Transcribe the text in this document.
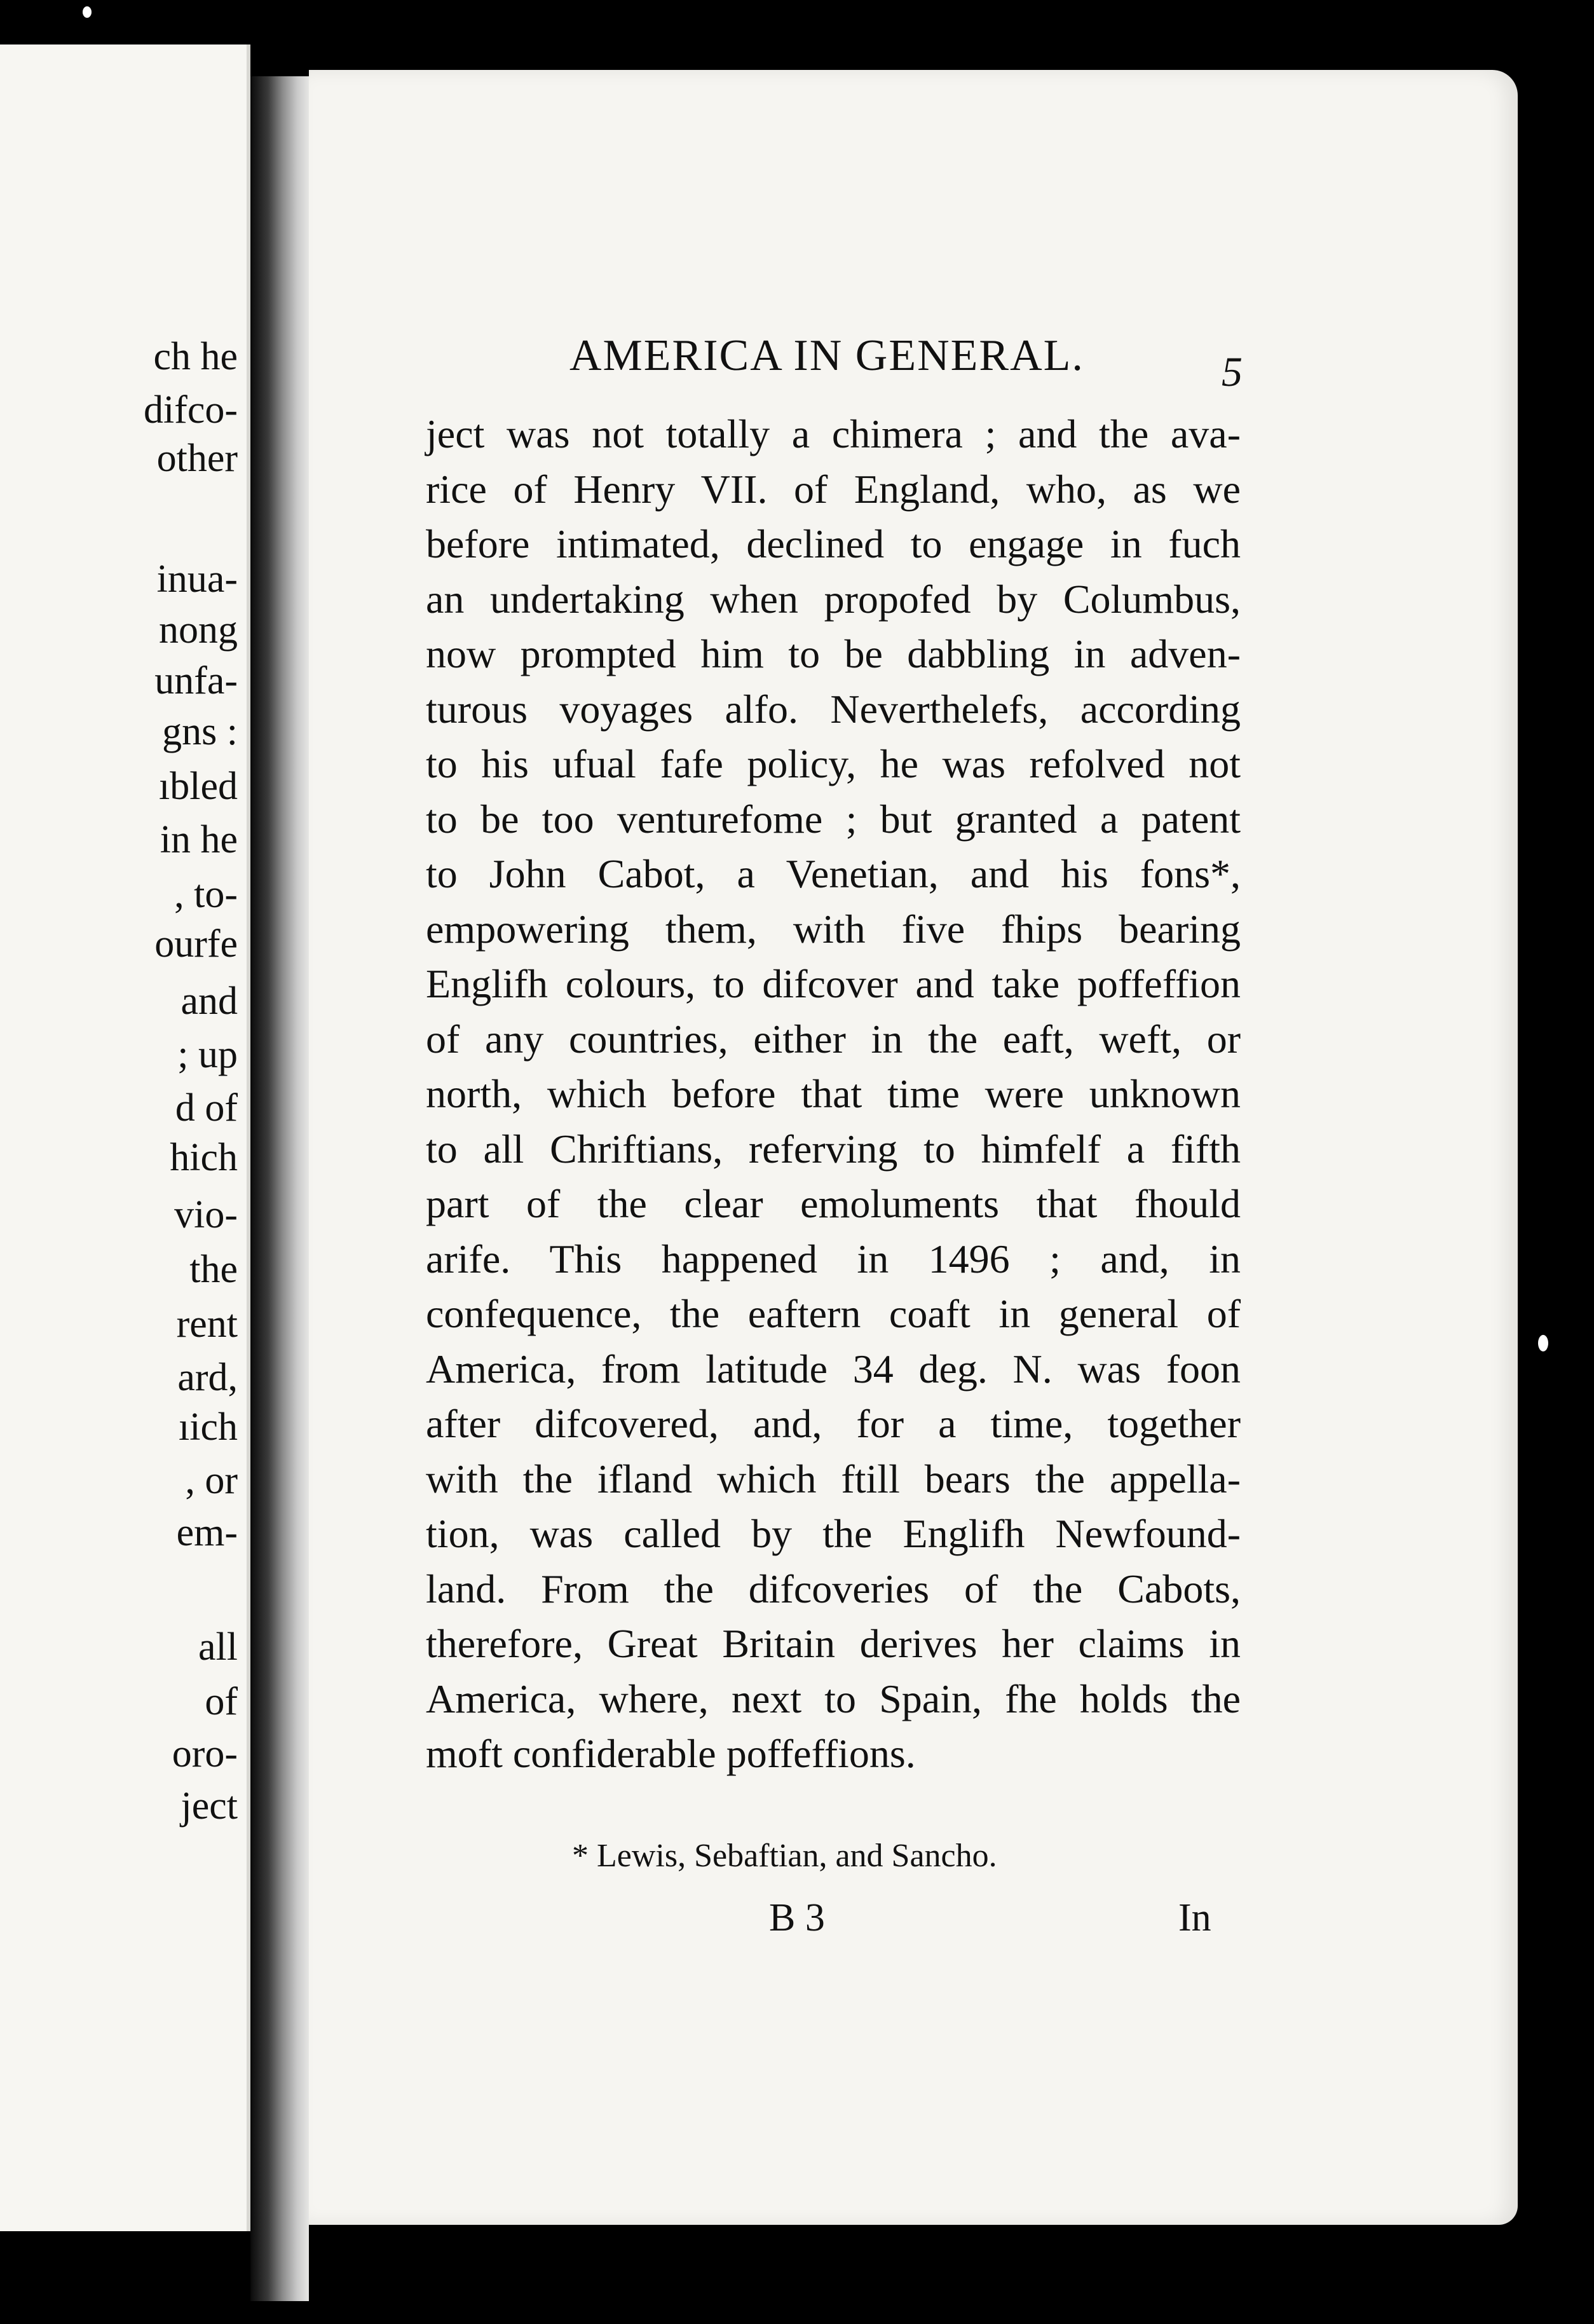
ch he
difco-
other
inua-
nong
unfa-
gns :
ıbled
in he
, to-
ourfe
and
; up
d of
hich
vio-
the
rent
ard,
ıich
, or
em-
all
of
oro-
ject
AMERICA IN GENERAL.	5
ject was not totally a chimera ; and the ava-
rice of Henry VII. of England, who, as we
before intimated, declined to engage in fuch
an undertaking when propofed by Columbus,
now prompted him to be dabbling in adven-
turous voyages alfo. Neverthelefs, according
to his ufual fafe policy, he was refolved not
to be too venturefome ; but granted a patent
to John Cabot, a Venetian, and his fons*,
empowering them, with five fhips bearing
Englifh colours, to difcover and take poffeffion
of any countries, either in the eaft, weft, or
north, which before that time were unknown
to all Chriftians, referving to himfelf a fifth
part of the clear emoluments that fhould
arife. This happened in 1496 ; and, in
confequence, the eaftern coaft in general of
America, from latitude 34 deg. N. was foon
after difcovered, and, for a time, together
with the ifland which ftill bears the appella-
tion, was called by the Englifh Newfound-
land. From the difcoveries of the Cabots,
therefore, Great Britain derives her claims in
America, where, next to Spain, fhe holds the
moft confiderable poffeffions.
* Lewis, Sebaftian, and Sancho.
B 3	In
